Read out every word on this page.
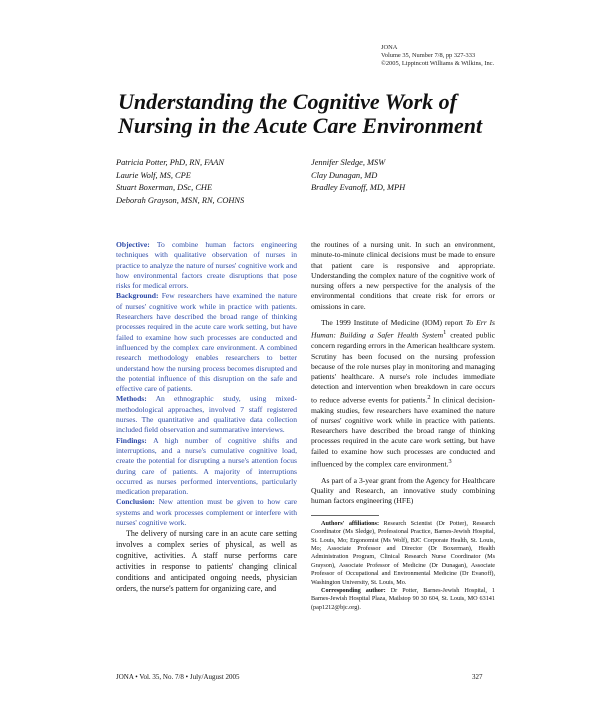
JONA
Volume 35, Number 7/8, pp 327-333
©2005, Lippincott Williams & Wilkins, Inc.
Understanding the Cognitive Work of
Nursing in the Acute Care Environment
Patricia Potter, PhD, RN, FAAN
Laurie Wolf, MS, CPE
Stuart Boxerman, DSc, CHE
Deborah Grayson, MSN, RN, COHNS
Jennifer Sledge, MSW
Clay Dunagan, MD
Bradley Evanoff, MD, MPH

Objective: To combine human factors engineering techniques with qualitative observation of nurses in practice to analyze the nature of nurses' cognitive work and how environmental factors create disruptions that pose risks for medical errors.

Background: Few researchers have examined the nature of nurses' cognitive work while in practice with patients. Researchers have described the broad range of thinking processes required in the acute care work setting, but have failed to examine how such processes are conducted and influenced by the complex care environment. A combined research methodology enables researchers to better understand how the nursing process becomes disrupted and the potential influence of this disruption on the safe and effective care of patients.

Methods: An ethnographic study, using mixed-methodological approaches, involved 7 staff registered nurses. The quantitative and qualitative data collection included field observation and summarative interviews.

Findings: A high number of cognitive shifts and interruptions, and a nurse's cumulative cognitive load, create the potential for disrupting a nurse's attention focus during care of patients. A majority of interruptions occurred as nurses performed interventions, particularly medication preparation.

Conclusion: New attention must be given to how care systems and work processes complement or interfere with nurses' cognitive work.

The delivery of nursing care in an acute care setting involves a complex series of physical, as well as cognitive, activities. A staff nurse performs care activities in response to patients' changing clinical conditions and anticipated ongoing needs, physician orders, the nurse's pattern for organizing care, and

the routines of a nursing unit. In such an environment, minute-to-minute clinical decisions must be made to ensure that patient care is responsive and appropriate. Understanding the complex nature of the cognitive work of nursing offers a new perspective for the analysis of the environmental conditions that create risk for errors or omissions in care.

The 1999 Institute of Medicine (IOM) report To Err Is Human: Building a Safer Health System$^1$ created public concern regarding errors in the American healthcare system. Scrutiny has been focused on the nursing profession because of the role nurses play in monitoring and managing patients' healthcare. A nurse's role includes immediate detection and intervention when breakdown in care occurs to reduce adverse events for patients.$^2$ In clinical decision-making studies, few researchers have examined the nature of nurses' cognitive work while in practice with patients. Researchers have described the broad range of thinking processes required in the acute care work setting, but have failed to examine how such processes are conducted and influenced by the complex care environment.$^3$

As part of a 3-year grant from the Agency for Healthcare Quality and Research, an innovative study combining human factors engineering (HFE)

Authors' affiliations: Research Scientist (Dr Potter), Research Coordinator (Ms Sledge), Professional Practice, Barnes-Jewish Hospital, St. Louis, Mo; Ergonomist (Ms Wolf), BJC Corporate Health, St. Louis, Mo; Associate Professor and Director (Dr Boxerman), Health Administration Program, Clinical Research Nurse Coordinator (Ms Grayson), Associate Professor of Medicine (Dr Dunagan), Associate Professor of Occupational and Environmental Medicine (Dr Evanoff), Washington University, St. Louis, Mo.

Corresponding author: Dr Potter, Barnes-Jewish Hospital, 1 Barnes-Jewish Hospital Plaza, Mailstop 90 30 604, St. Louis, MO 63141 (pap1212@bjc.org).

JONA • Vol. 35, No. 7/8 • July/August 2005	327
